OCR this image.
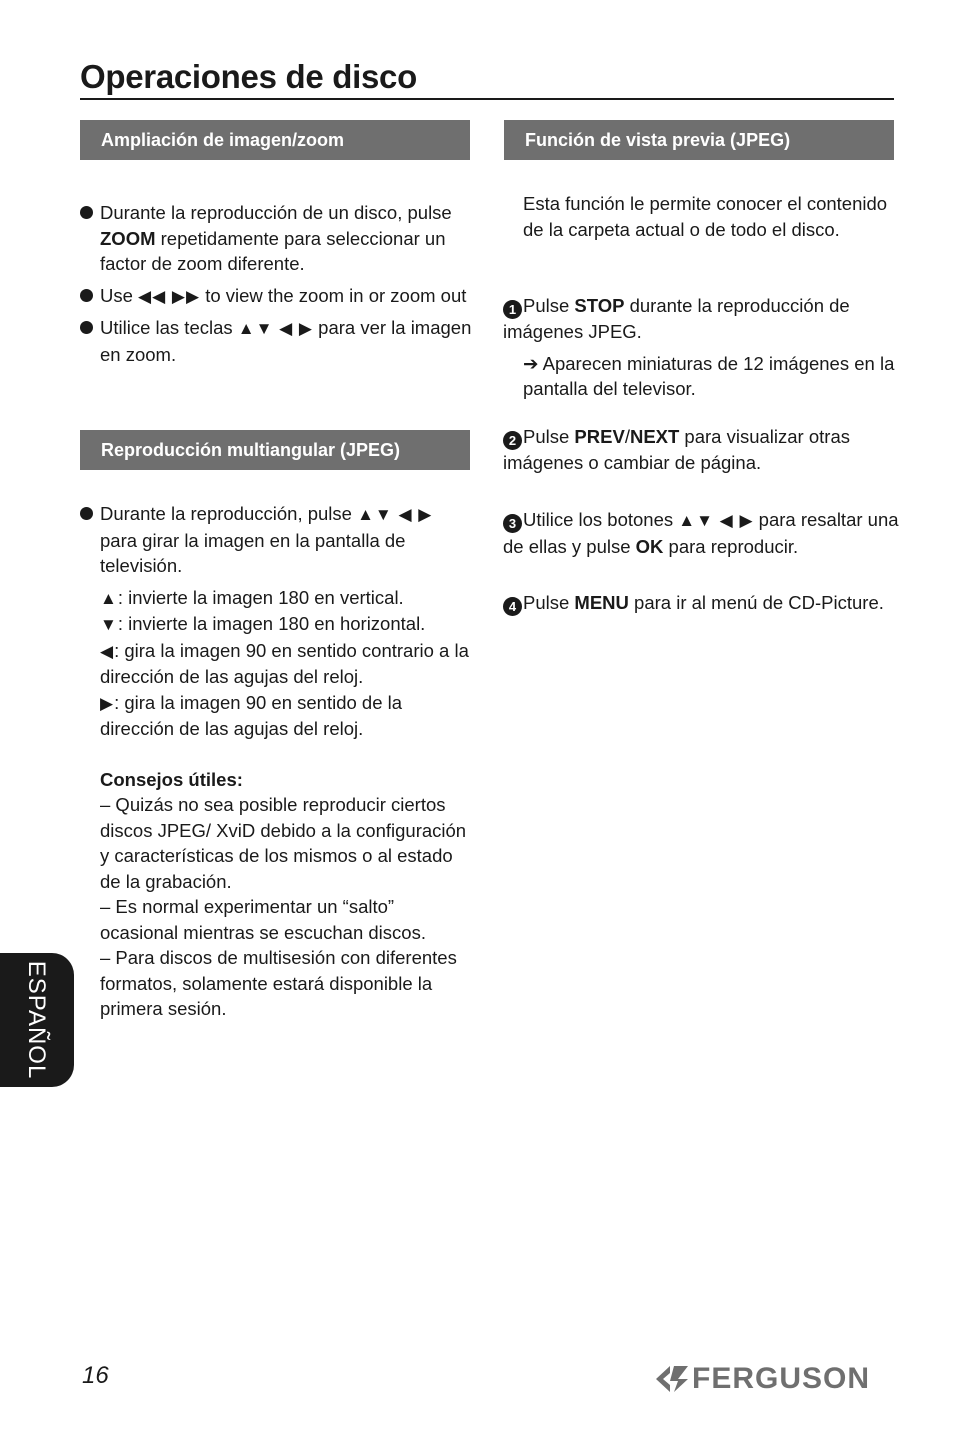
Operaciones de disco
Ampliación de imagen/zoom
Durante la reproducción de un disco, pulse ZOOM repetidamente para seleccionar un factor de zoom diferente.
Use ◀◀ ▶▶ to view the zoom in or zoom out
Utilice las teclas ▲▼ ◀ ▶ para ver la imagen en zoom.
Reproducción multiangular (JPEG)
Durante la reproducción, pulse ▲▼ ◀ ▶ para girar la imagen en la pantalla de televisión.
▲: invierte la imagen 180 en vertical.
▼: invierte la imagen 180 en horizontal.
◀: gira la imagen 90 en sentido contrario a la dirección de las agujas del reloj.
▶: gira la imagen 90 en sentido de la dirección de las agujas del reloj.
Consejos útiles:
– Quizás no sea posible reproducir ciertos discos JPEG/ XviD debido a la configuración y características de los mismos o al estado de la grabación.
– Es normal experimentar un “salto” ocasional mientras se escuchan discos.
– Para discos de multisesión con diferentes formatos, solamente estará disponible la primera sesión.
Función de vista previa (JPEG)
Esta función le permite conocer el contenido de la carpeta actual o de todo el disco.
1 Pulse STOP durante la reproducción de imágenes JPEG.
➔ Aparecen miniaturas de 12 imágenes en la pantalla del televisor.
2 Pulse PREV/NEXT para visualizar otras imágenes o cambiar de página.
3 Utilice los botones ▲▼ ◀ ▶ para resaltar una de ellas y pulse OK para reproducir.
4 Pulse MENU para ir al menú de CD-Picture.
ESPAÑOL
16	FERGUSON
